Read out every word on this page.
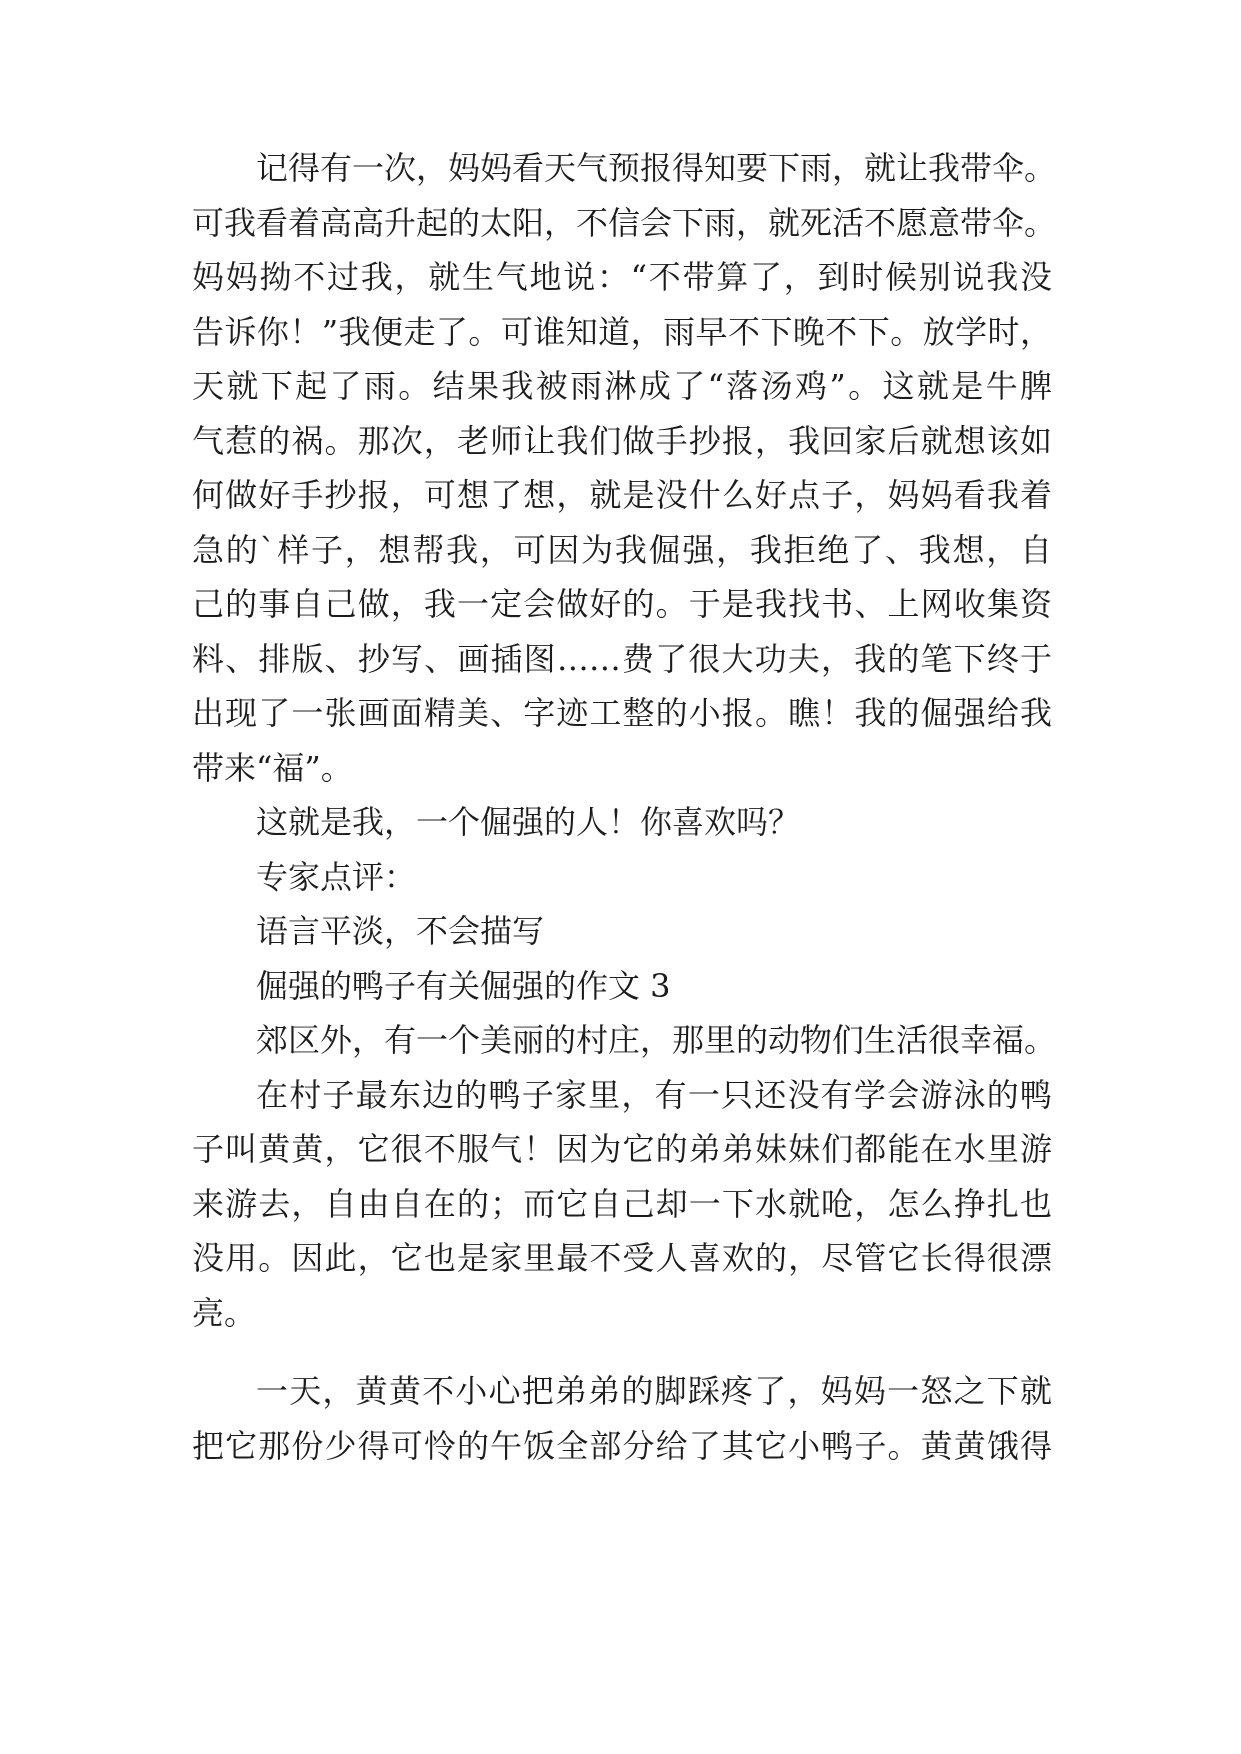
记得有一次，妈妈看天气预报得知要下雨，就让我带伞。

可我看着高高升起的太阳，不信会下雨，就死活不愿意带伞。

妈妈拗不过我，就生气地说：“不带算了，到时候别说我没

告诉你！”我便走了。可谁知道，雨早不下晚不下。放学时，

天就下起了雨。结果我被雨淋成了“落汤鸡”。这就是牛脾

气惹的祸。那次，老师让我们做手抄报，我回家后就想该如

何做好手抄报，可想了想，就是没什么好点子，妈妈看我着

急的`样子，想帮我，可因为我倔强，我拒绝了、我想，自

己的事自己做，我一定会做好的。于是我找书、上网收集资

料、排版、抄写、画插图……费了很大功夫，我的笔下终于

出现了一张画面精美、字迹工整的小报。瞧！我的倔强给我

带来“福”。

这就是我，一个倔强的人！你喜欢吗？

专家点评：

语言平淡，不会描写

倔强的鸭子有关倔强的作文 3

郊区外，有一个美丽的村庄，那里的动物们生活很幸福。

在村子最东边的鸭子家里，有一只还没有学会游泳的鸭

子叫黄黄，它很不服气！因为它的弟弟妹妹们都能在水里游

来游去，自由自在的；而它自己却一下水就呛，怎么挣扎也

没用。因此，它也是家里最不受人喜欢的，尽管它长得很漂

亮。

一天，黄黄不小心把弟弟的脚踩疼了，妈妈一怒之下就

把它那份少得可怜的午饭全部分给了其它小鸭子。黄黄饿得
